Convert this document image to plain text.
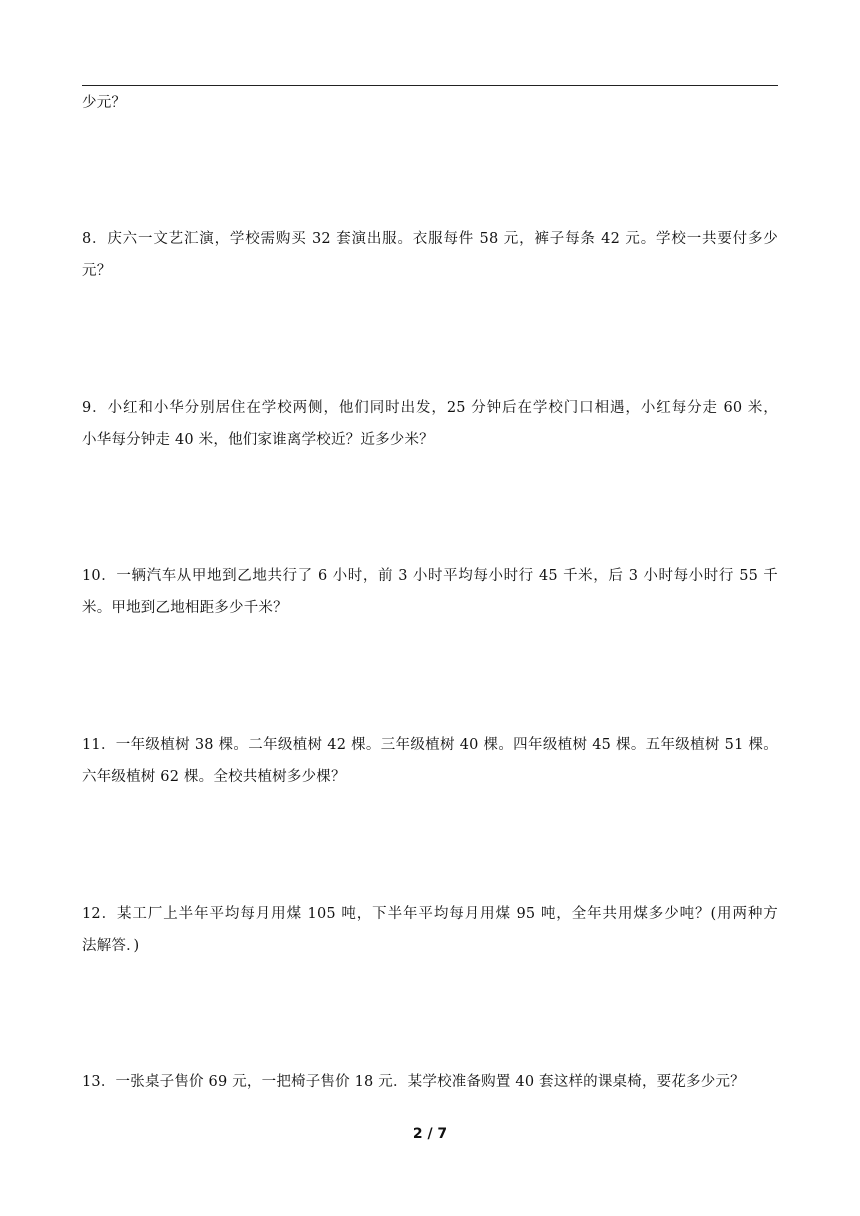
少元？
8．庆六一文艺汇演，学校需购买 32 套演出服。衣服每件 58 元，裤子每条 42 元。学校一共要付多少
元？
9．小红和小华分别居住在学校两侧，他们同时出发，25 分钟后在学校门口相遇，小红每分走 60 米，
小华每分钟走 40 米，他们家谁离学校近？近多少米？
10．一辆汽车从甲地到乙地共行了 6 小时，前 3 小时平均每小时行 45 千米，后 3 小时每小时行 55 千
米。甲地到乙地相距多少千米？
11．一年级植树 38 棵。二年级植树 42 棵。三年级植树 40 棵。四年级植树 45 棵。五年级植树 51 棵。
六年级植树 62 棵。全校共植树多少棵？
12．某工厂上半年平均每月用煤 105 吨，下半年平均每月用煤 95 吨，全年共用煤多少吨？(用两种方
法解答．)
13．一张桌子售价 69 元，一把椅子售价 18 元．某学校准备购置 40 套这样的课桌椅，要花多少元？
2 / 7
